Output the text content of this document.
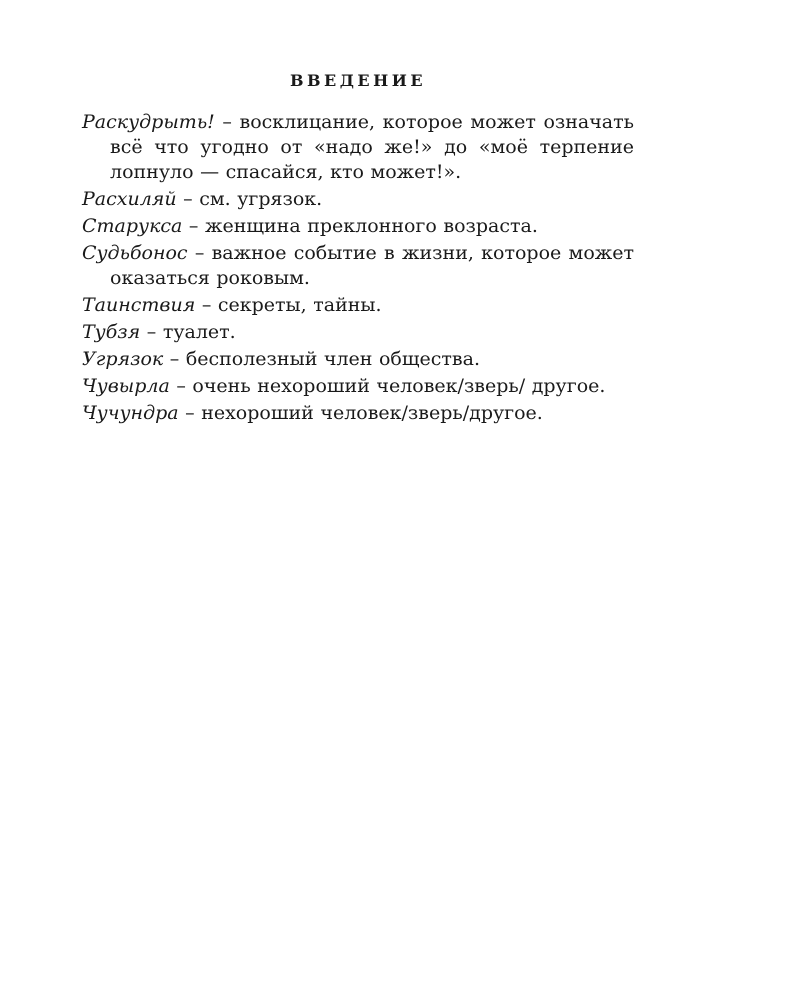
ВВЕДЕНИЕ

Раскудрыть! – восклицание, которое может означать всё что угодно от «надо же!» до «моё терпение лопнуло — спасайся, кто может!».

Расхиляй – см. угрязок.

Старукса – женщина преклонного возраста.

Судьбонос – важное событие в жизни, которое может оказаться роковым.

Таинствия – секреты, тайны.

Тубзя – туалет.

Угрязок – бесполезный член общества.

Чувырла – очень нехороший человек/зверь/ другое.

Чучундра – нехороший человек/зверь/другое.
